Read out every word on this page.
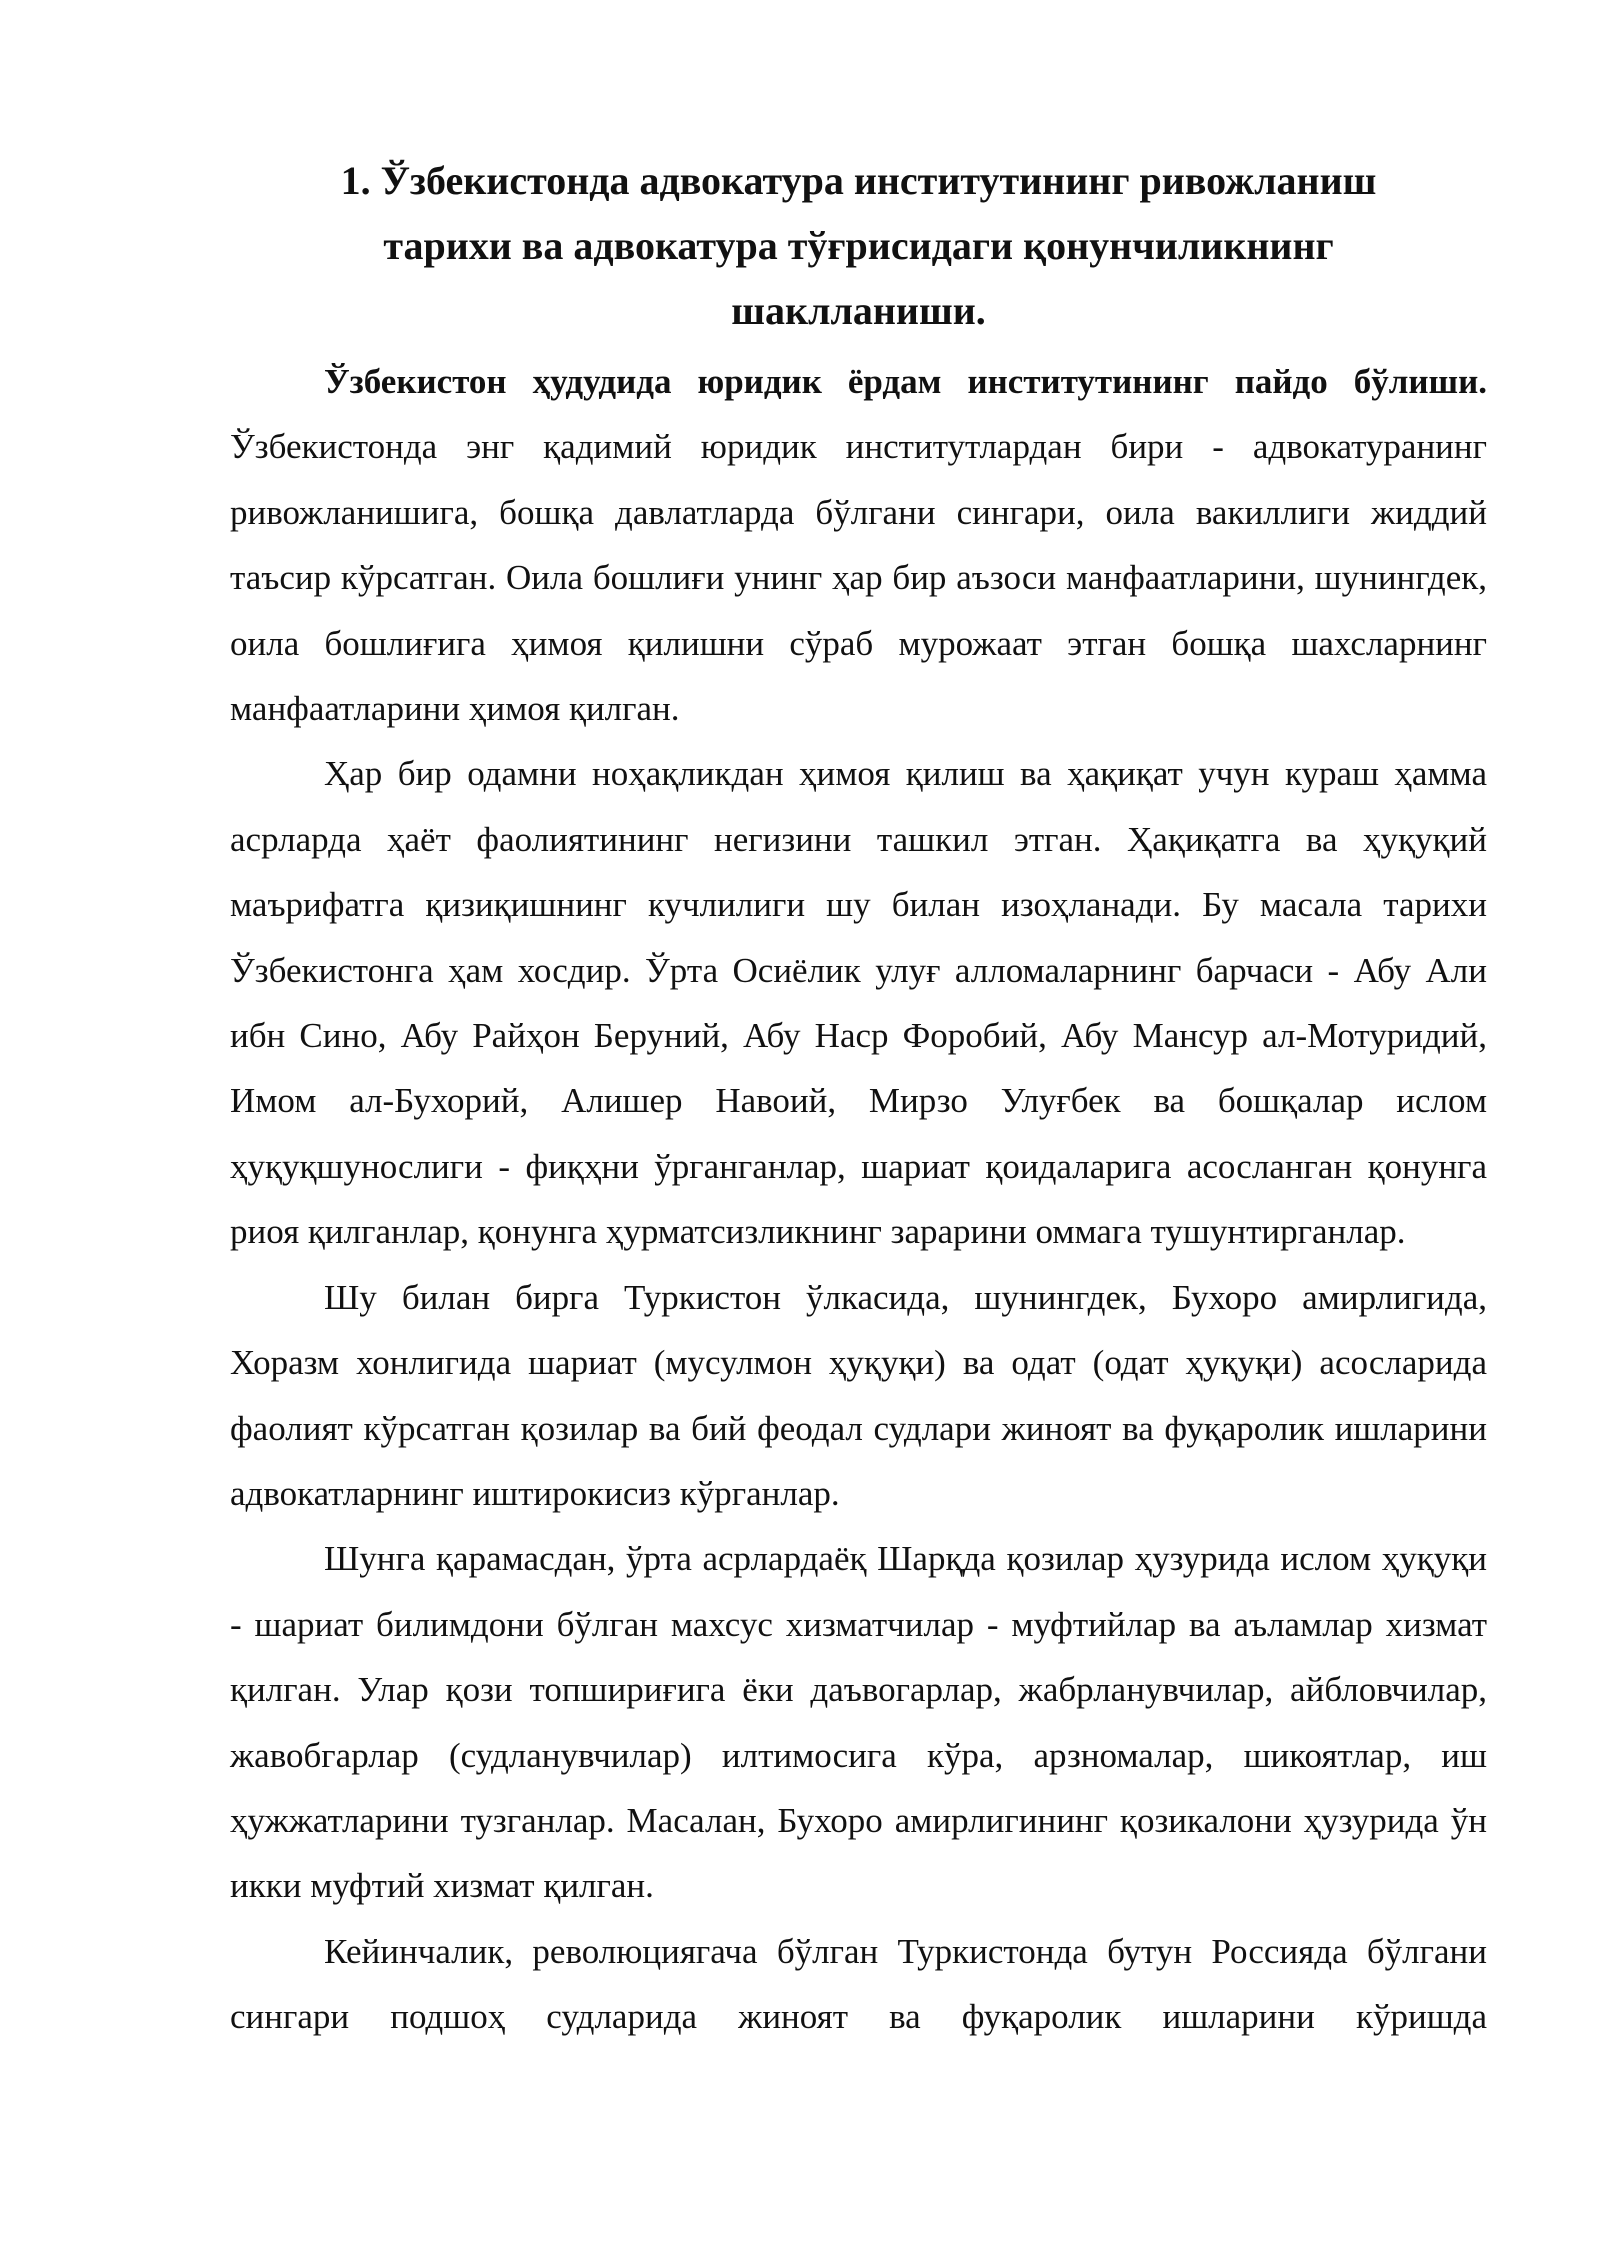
1. Ўзбекистонда адвокатура институтининг ривожланиш
тарихи ва адвокатура тўғрисидаги қонунчиликнинг
шаклланиши.

Ўзбекистон ҳудудида юридик ёрдам институтининг пайдо бўлиши. Ўзбекистонда энг қадимий юридик институтлардан бири - адвокатуранинг ривожланишига, бошқа давлатларда бўлгани сингари, оила вакиллиги жиддий таъсир кўрсатган. Оила бошлиғи унинг ҳар бир аъзоси манфаатларини, шунингдек, оила бошлиғига ҳимоя қилишни сўраб мурожаат этган бошқа шахсларнинг манфаатларини ҳимоя қилган.

Ҳар бир одамни ноҳақликдан ҳимоя қилиш ва ҳақиқат учун кураш ҳамма асрларда ҳаёт фаолиятининг негизини ташкил этган. Ҳақиқатга ва ҳуқуқий маърифатга қизиқишнинг кучлилиги шу билан изоҳланади. Бу масала тарихи Ўзбекистонга ҳам хосдир. Ўрта Осиёлик улуғ алломаларнинг барчаси - Абу Али ибн Сино, Абу Райҳон Беруний, Абу Наср Форобий, Абу Мансур ал-Мотуридий, Имом ал-Бухорий, Алишер Навоий, Мирзо Улуғбек ва бошқалар ислом ҳуқуқшунослиги - фиқҳни ўрганганлар, шариат қоидаларига асосланган қонунга риоя қилганлар, қонунга ҳурматсизликнинг зарарини оммага тушунтирганлар.

Шу билан бирга Туркистон ўлкасида, шунингдек, Бухоро амирлигида, Хоразм хонлигида шариат (мусулмон ҳуқуқи) ва одат (одат ҳуқуқи) асосларида фаолият кўрсатган қозилар ва бий феодал судлари жиноят ва фуқаролик ишларини адвокатларнинг иштирокисиз кўрганлар.

Шунга қарамасдан, ўрта асрлардаёқ Шарқда қозилар ҳузурида ислом ҳуқуқи - шариат билимдони бўлган махсус хизматчилар - муфтийлар ва аъламлар хизмат қилган. Улар қози топшириғига ёки даъвогарлар, жабрланувчилар, айбловчилар, жавобгарлар (судланувчилар) илтимосига кўра, арзномалар, шикоятлар, иш ҳужжатларини тузганлар. Масалан, Бухоро амирлигининг қозикалони ҳузурида ўн икки муфтий хизмат қилган.

Кейинчалик, революциягача бўлган Туркистонда бутун Россияда бўлгани сингари подшоҳ судларида жиноят ва фуқаролик ишларини кўришда
